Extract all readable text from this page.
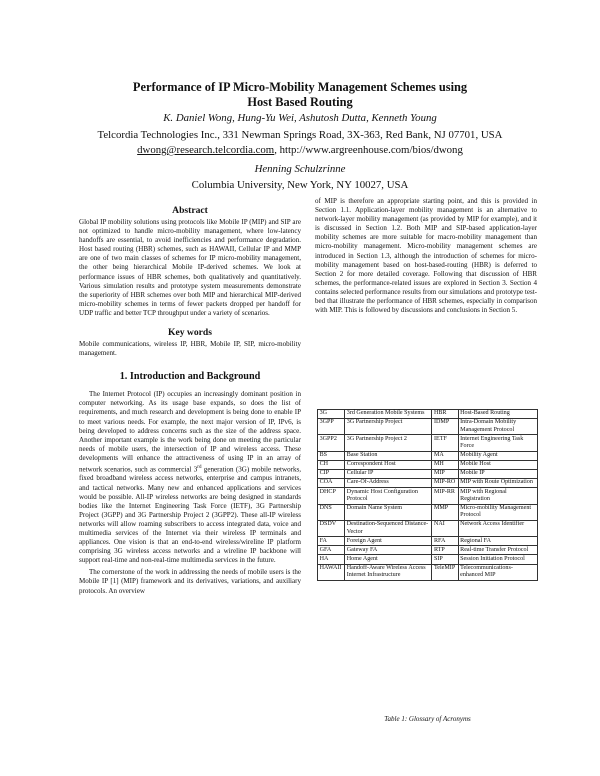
Performance of IP Micro-Mobility Management Schemes using
Host Based Routing
K. Daniel Wong, Hung-Yu Wei, Ashutosh Dutta, Kenneth Young
Telcordia Technologies Inc., 331 Newman Springs Road, 3X-363, Red Bank, NJ 07701, USA
dwong@research.telcordia.com, http://www.argreenhouse.com/bios/dwong
Henning Schulzrinne
Columbia University, New York, NY 10027, USA
Abstract

Global IP mobility solutions using protocols like Mobile IP (MIP) and SIP are not optimized to handle micro-mobility management, where low-latency handoffs are essential, to avoid inefficiencies and performance degradation. Host based routing (HBR) schemes, such as HAWAII, Cellular IP and MMP are one of two main classes of schemes for IP micro-mobility management, the other being hierarchical Mobile IP-derived schemes. We look at performance issues of HBR schemes, both qualitatively and quantitatively. Various simulation results and prototype system measurements demonstrate the superiority of HBR schemes over both MIP and hierarchical MIP-derived micro-mobility schemes in terms of fewer packets dropped per handoff for UDP traffic and better TCP throughput under a variety of scenarios.

Key words

Mobile communications, wireless IP, HBR, Mobile IP, SIP, micro-mobility management.

1. Introduction and Background

The Internet Protocol (IP) occupies an increasingly dominant position in computer networking. As its usage base expands, so does the list of requirements, and much research and development is being done to enable IP to meet various needs. For example, the next major version of IP, IPv6, is being developed to address concerns such as the size of the address space. Another important example is the work being done on meeting the particular needs of mobile users, the intersection of IP and wireless access. These developments will enhance the attractiveness of using IP in an array of network scenarios, such as commercial 3rd generation (3G) mobile networks, fixed broadband wireless access networks, enterprise and campus intranets, and tactical networks. Many new and enhanced applications and services would be possible. All-IP wireless networks are being designed in standards bodies like the Internet Engineering Task Force (IETF), 3G Partnership Project (3GPP) and 3G Partnership Project 2 (3GPP2). These all-IP wireless networks will allow roaming subscribers to access integrated data, voice and multimedia services of the Internet via their wireless IP terminals and appliances. One vision is that an end-to-end wireless/wireline IP platform comprising 3G wireless access networks and a wireline IP backbone will support real-time and non-real-time multimedia services in the future.

The cornerstone of the work in addressing the needs of mobile users is the Mobile IP [1] (MIP) framework and its derivatives, variations, and auxiliary protocols. An overview

of MIP is therefore an appropriate starting point, and this is provided in Section 1.1. Application-layer mobility management is an alternative to network-layer mobility management (as provided by MIP for example), and it is discussed in Section 1.2. Both MIP and SIP-based application-layer mobility schemes are more suitable for macro-mobility management than micro-mobility management. Micro-mobility management schemes are introduced in Section 1.3, although the introduction of schemes for micro-mobility management based on host-based-routing (HBR) is deferred to Section 2 for more detailed coverage. Following that discussion of HBR schemes, the performance-related issues are explored in Section 3. Section 4 contains selected performance results from our simulations and prototype test-bed that illustrate the performance of HBR schemes, especially in comparison with MIP. This is followed by discussions and conclusions in Section 5.

3G	3rd Generation Mobile Systems	HBR	Host-Based Routing
3GPP	3G Partnership Project	IDMP	Intra-Domain Mobility Management Protocol
3GPP2	3G Partnership Project 2	IETF	Internet Engineering Task Force
BS	Base Station	MA	Mobility Agent
CH	Correspondent Host	MH	Mobile Host
CIP	Cellular IP	MIP	Mobile IP
COA	Care-Of-Address	MIP-RO	MIP with Route Optimization
DHCP	Dynamic Host Configuration Protocol	MIP-RR	MIP with Regional Registration
DNS	Domain Name System	MMP	Micro-mobility Management Protocol
DSDV	Destination-Sequenced Distance-Vector	NAI	Network Access Identifier
FA	Foreign Agent	RFA	Regional FA
GFA	Gateway FA	RTP	Real-time Transfer Protocol
HA	Home Agent	SIP	Session Initiation Protocol
HAWAII	Handoff-Aware Wireless Access Internet Infrastructure	TeleMIP	Telecommunications-enhanced MIP
Table 1: Glossary of Acronyms
